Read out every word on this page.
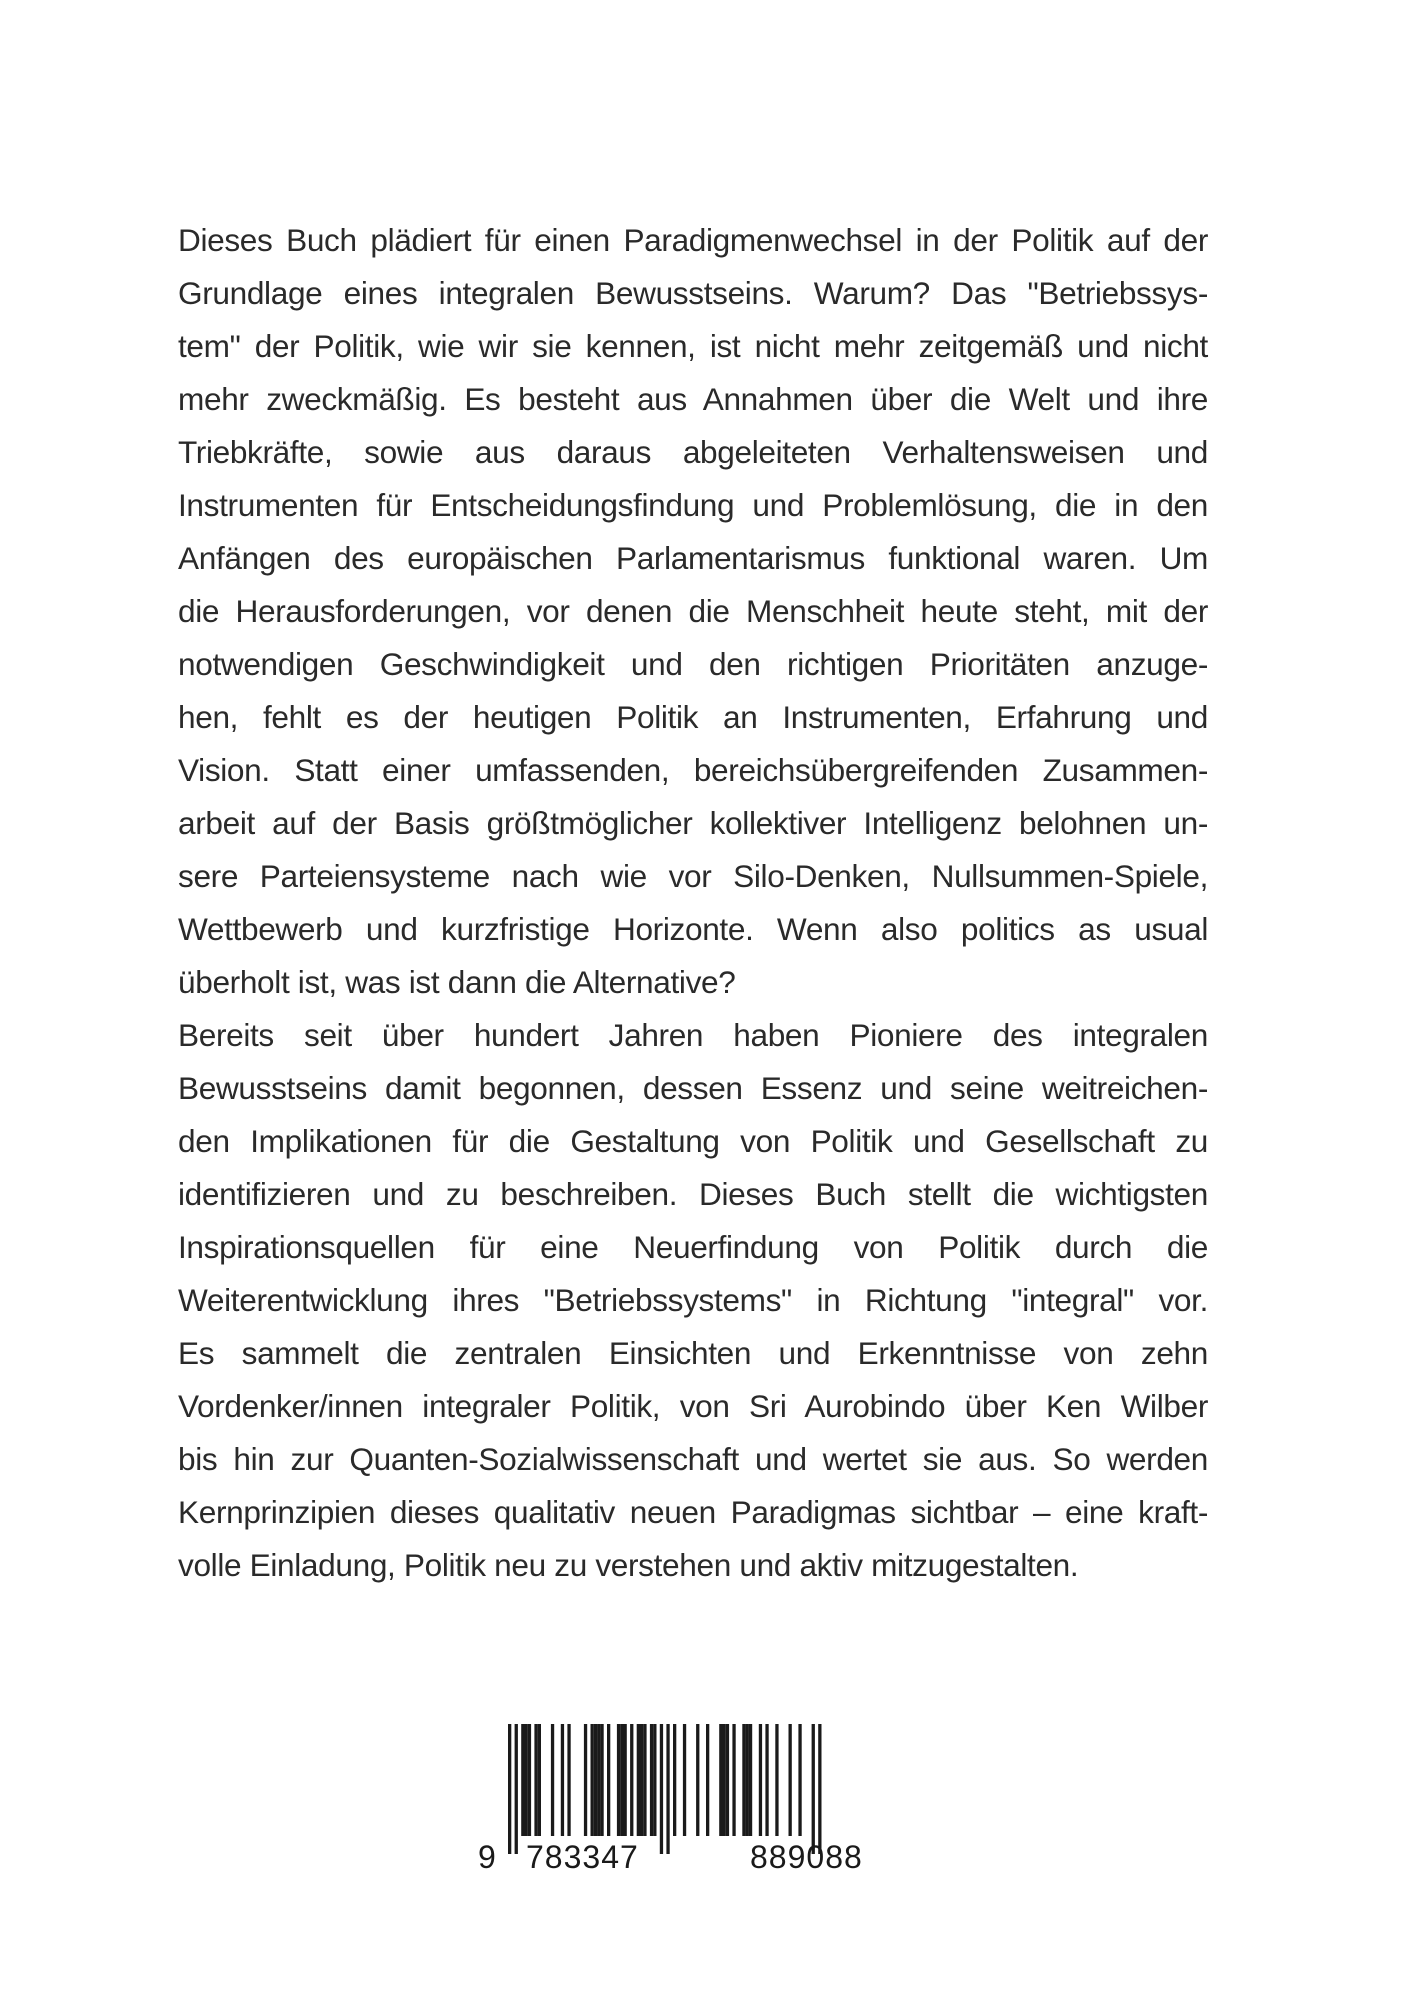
Dieses Buch plädiert für einen Paradigmenwechsel in der Politik auf der
Grundlage eines integralen Bewusstseins. Warum? Das "Betriebssys-
tem" der Politik, wie wir sie kennen, ist nicht mehr zeitgemäß und nicht
mehr zweckmäßig. Es besteht aus Annahmen über die Welt und ihre
Triebkräfte, sowie aus daraus abgeleiteten Verhaltensweisen und
Instrumenten für Entscheidungsfindung und Problemlösung, die in den
Anfängen des europäischen Parlamentarismus funktional waren. Um
die Herausforderungen, vor denen die Menschheit heute steht, mit der
notwendigen Geschwindigkeit und den richtigen Prioritäten anzuge-
hen, fehlt es der heutigen Politik an Instrumenten, Erfahrung und
Vision. Statt einer umfassenden, bereichsübergreifenden Zusammen-
arbeit auf der Basis größtmöglicher kollektiver Intelligenz belohnen un-
sere Parteiensysteme nach wie vor Silo-Denken, Nullsummen-Spiele,
Wettbewerb und kurzfristige Horizonte. Wenn also politics as usual
überholt ist, was ist dann die Alternative?

Bereits seit über hundert Jahren haben Pioniere des integralen
Bewusstseins damit begonnen, dessen Essenz und seine weitreichen-
den Implikationen für die Gestaltung von Politik und Gesellschaft zu
identifizieren und zu beschreiben. Dieses Buch stellt die wichtigsten
Inspirationsquellen für eine Neuerfindung von Politik durch die
Weiterentwicklung ihres "Betriebssystems" in Richtung "integral" vor.
Es sammelt die zentralen Einsichten und Erkenntnisse von zehn
Vordenker/innen integraler Politik, von Sri Aurobindo über Ken Wilber
bis hin zur Quanten-Sozialwissenschaft und wertet sie aus. So werden
Kernprinzipien dieses qualitativ neuen Paradigmas sichtbar – eine kraft-
volle Einladung, Politik neu zu verstehen und aktiv mitzugestalten.

9 783347	889088
